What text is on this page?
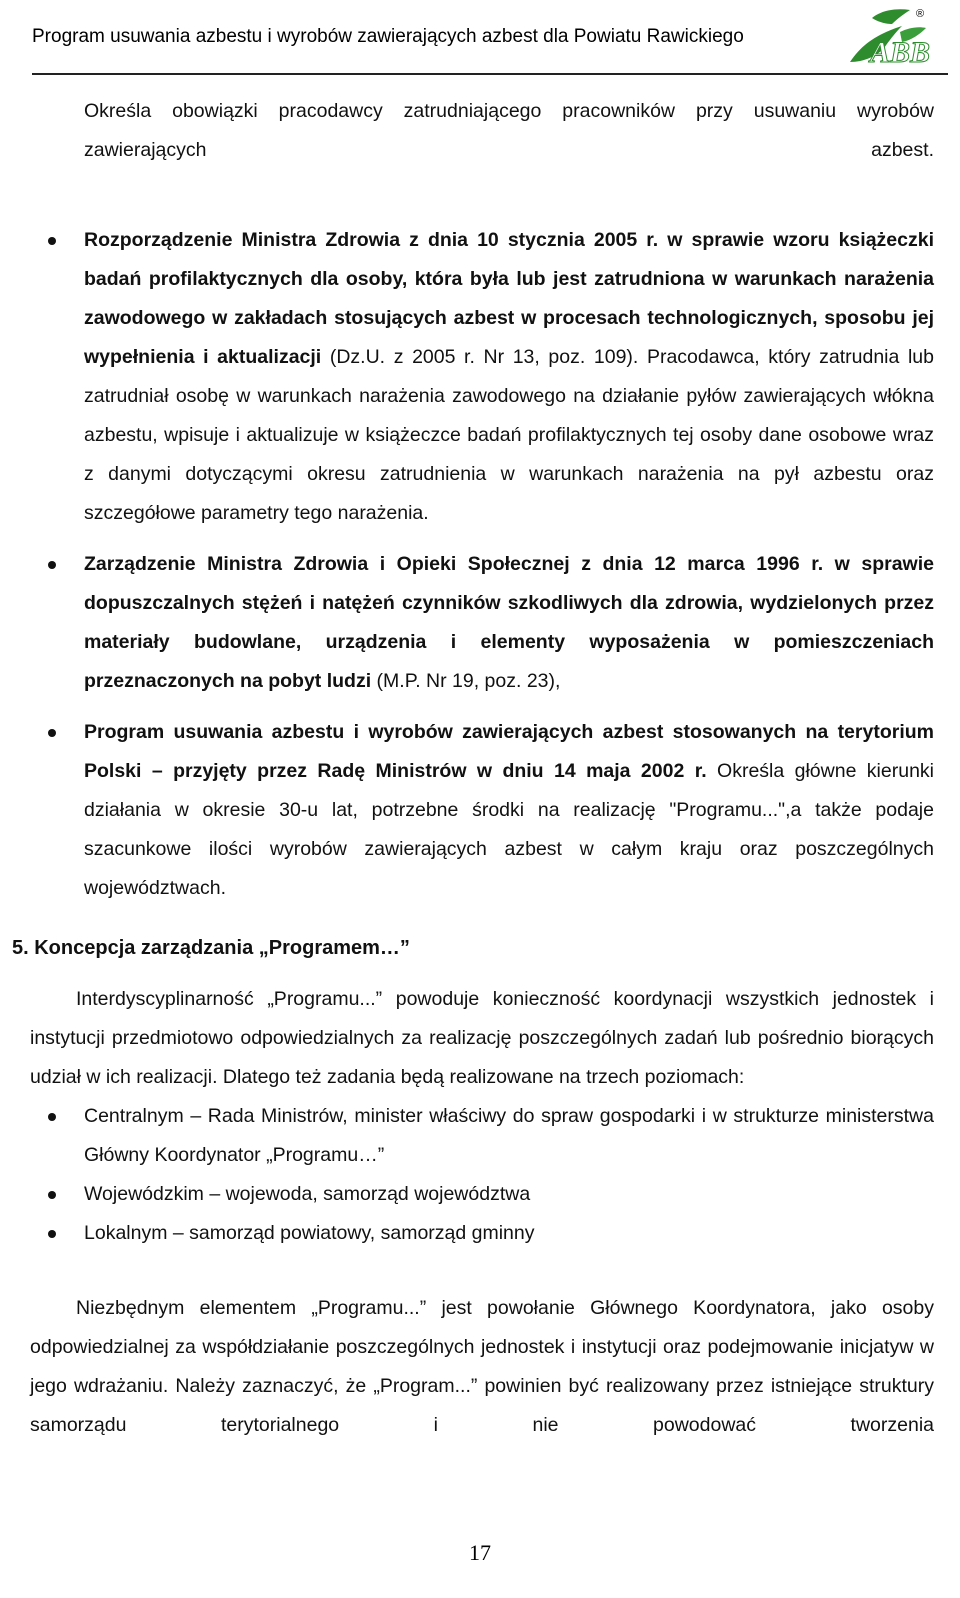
Program usuwania azbestu i wyrobów zawierających azbest dla Powiatu Rawickiego	ABB
®

Określa obowiązki pracodawcy zatrudniającego pracowników przy usuwaniu wyrobów zawierających azbest.

Rozporządzenie Ministra Zdrowia z dnia 10 stycznia 2005 r. w sprawie wzoru książeczki badań profilaktycznych dla osoby, która była lub jest zatrudniona w warunkach narażenia zawodowego w zakładach stosujących azbest w procesach technologicznych, sposobu jej wypełnienia i aktualizacji (Dz.U. z 2005 r. Nr 13, poz. 109). Pracodawca, który zatrudnia lub zatrudniał osobę w warunkach narażenia zawodowego na działanie pyłów zawierających włókna azbestu, wpisuje i aktualizuje w książeczce badań profilaktycznych tej osoby dane osobowe wraz z danymi dotyczącymi okresu zatrudnienia w warunkach narażenia na pył azbestu oraz szczegółowe parametry tego narażenia.

Zarządzenie Ministra Zdrowia i Opieki Społecznej z dnia 12 marca 1996 r. w sprawie dopuszczalnych stężeń i natężeń czynników szkodliwych dla zdrowia, wydzielonych przez materiały budowlane, urządzenia i elementy wyposażenia w pomieszczeniach przeznaczonych na pobyt ludzi (M.P. Nr 19, poz. 23),

Program usuwania azbestu i wyrobów zawierających azbest stosowanych na terytorium Polski – przyjęty przez Radę Ministrów w dniu 14 maja 2002 r. Określa główne kierunki działania w okresie 30-u lat, potrzebne środki na realizację "Programu...",a także podaje szacunkowe ilości wyrobów zawierających azbest w całym kraju oraz poszczególnych województwach.

5. Koncepcja zarządzania „Programem…”

Interdyscyplinarność „Programu...” powoduje konieczność koordynacji wszystkich jednostek i instytucji przedmiotowo odpowiedzialnych za realizację poszczególnych zadań lub pośrednio biorących udział w ich realizacji. Dlatego też zadania będą realizowane na trzech poziomach:

Centralnym – Rada Ministrów, minister właściwy do spraw gospodarki i w strukturze ministerstwa Główny Koordynator „Programu…”

Wojewódzkim – wojewoda, samorząd województwa

Lokalnym – samorząd powiatowy, samorząd gminny

Niezbędnym elementem „Programu...” jest powołanie Głównego Koordynatora, jako osoby odpowiedzialnej za współdziałanie poszczególnych jednostek i instytucji oraz podejmowanie inicjatyw w jego wdrażaniu. Należy zaznaczyć, że „Program...” powinien być realizowany przez istniejące struktury samorządu terytorialnego i nie powodować tworzenia

17
